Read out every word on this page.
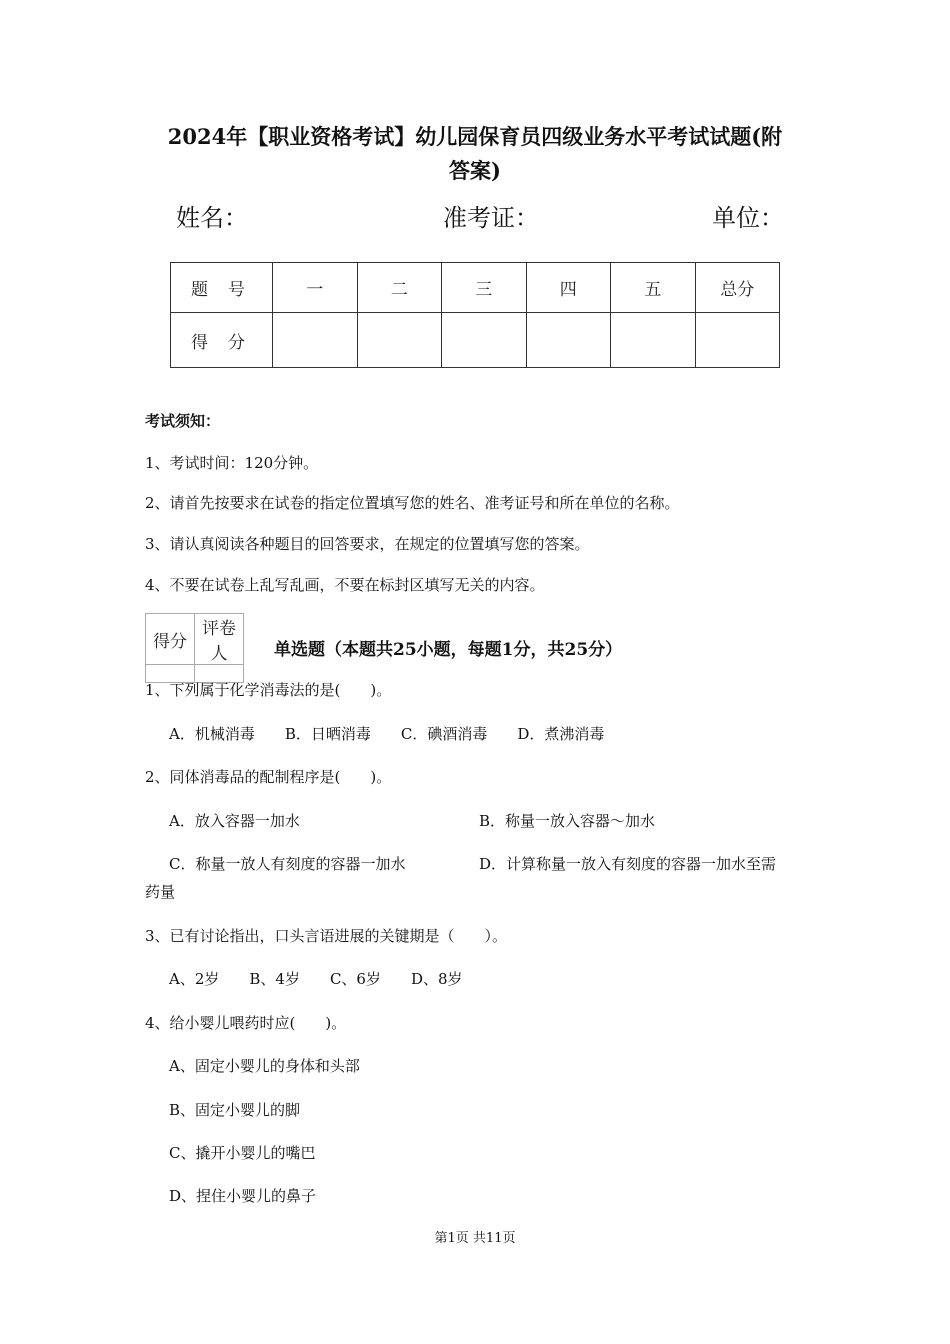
2024年【职业资格考试】幼儿园保育员四级业务水平考试试题(附
答案)
姓名：	准考证：	单位：
题号	一	二	三	四	五	总分
得分						
考试须知：
1、考试时间：120分钟。
2、请首先按要求在试卷的指定位置填写您的姓名、准考证号和所在单位的名称。
3、请认真阅读各种题目的回答要求，在规定的位置填写您的答案。
4、不要在试卷上乱写乱画，不要在标封区填写无关的内容。
得分	评卷人
		单选题（本题共25小题，每题1分，共25分）
1、下列属于化学消毒法的是(　　)。
A．机械消毒　　B．日晒消毒　　C．碘酒消毒　　D．煮沸消毒
2、同体消毒品的配制程序是(　　)。
A．放入容器一加水	B．称量一放入容器～加水
C．称量一放人有刻度的容器一加水	D．计算称量一放入有刻度的容器一加水至需
药量
3、已有讨论指出，口头言语进展的关键期是（　　）。
A、2岁　　B、4岁　　C、6岁　　D、8岁
4、给小婴儿喂药时应(　　)。
A、固定小婴儿的身体和头部
B、固定小婴儿的脚
C、撬开小婴儿的嘴巴
D、捏住小婴儿的鼻子
第1页 共11页
